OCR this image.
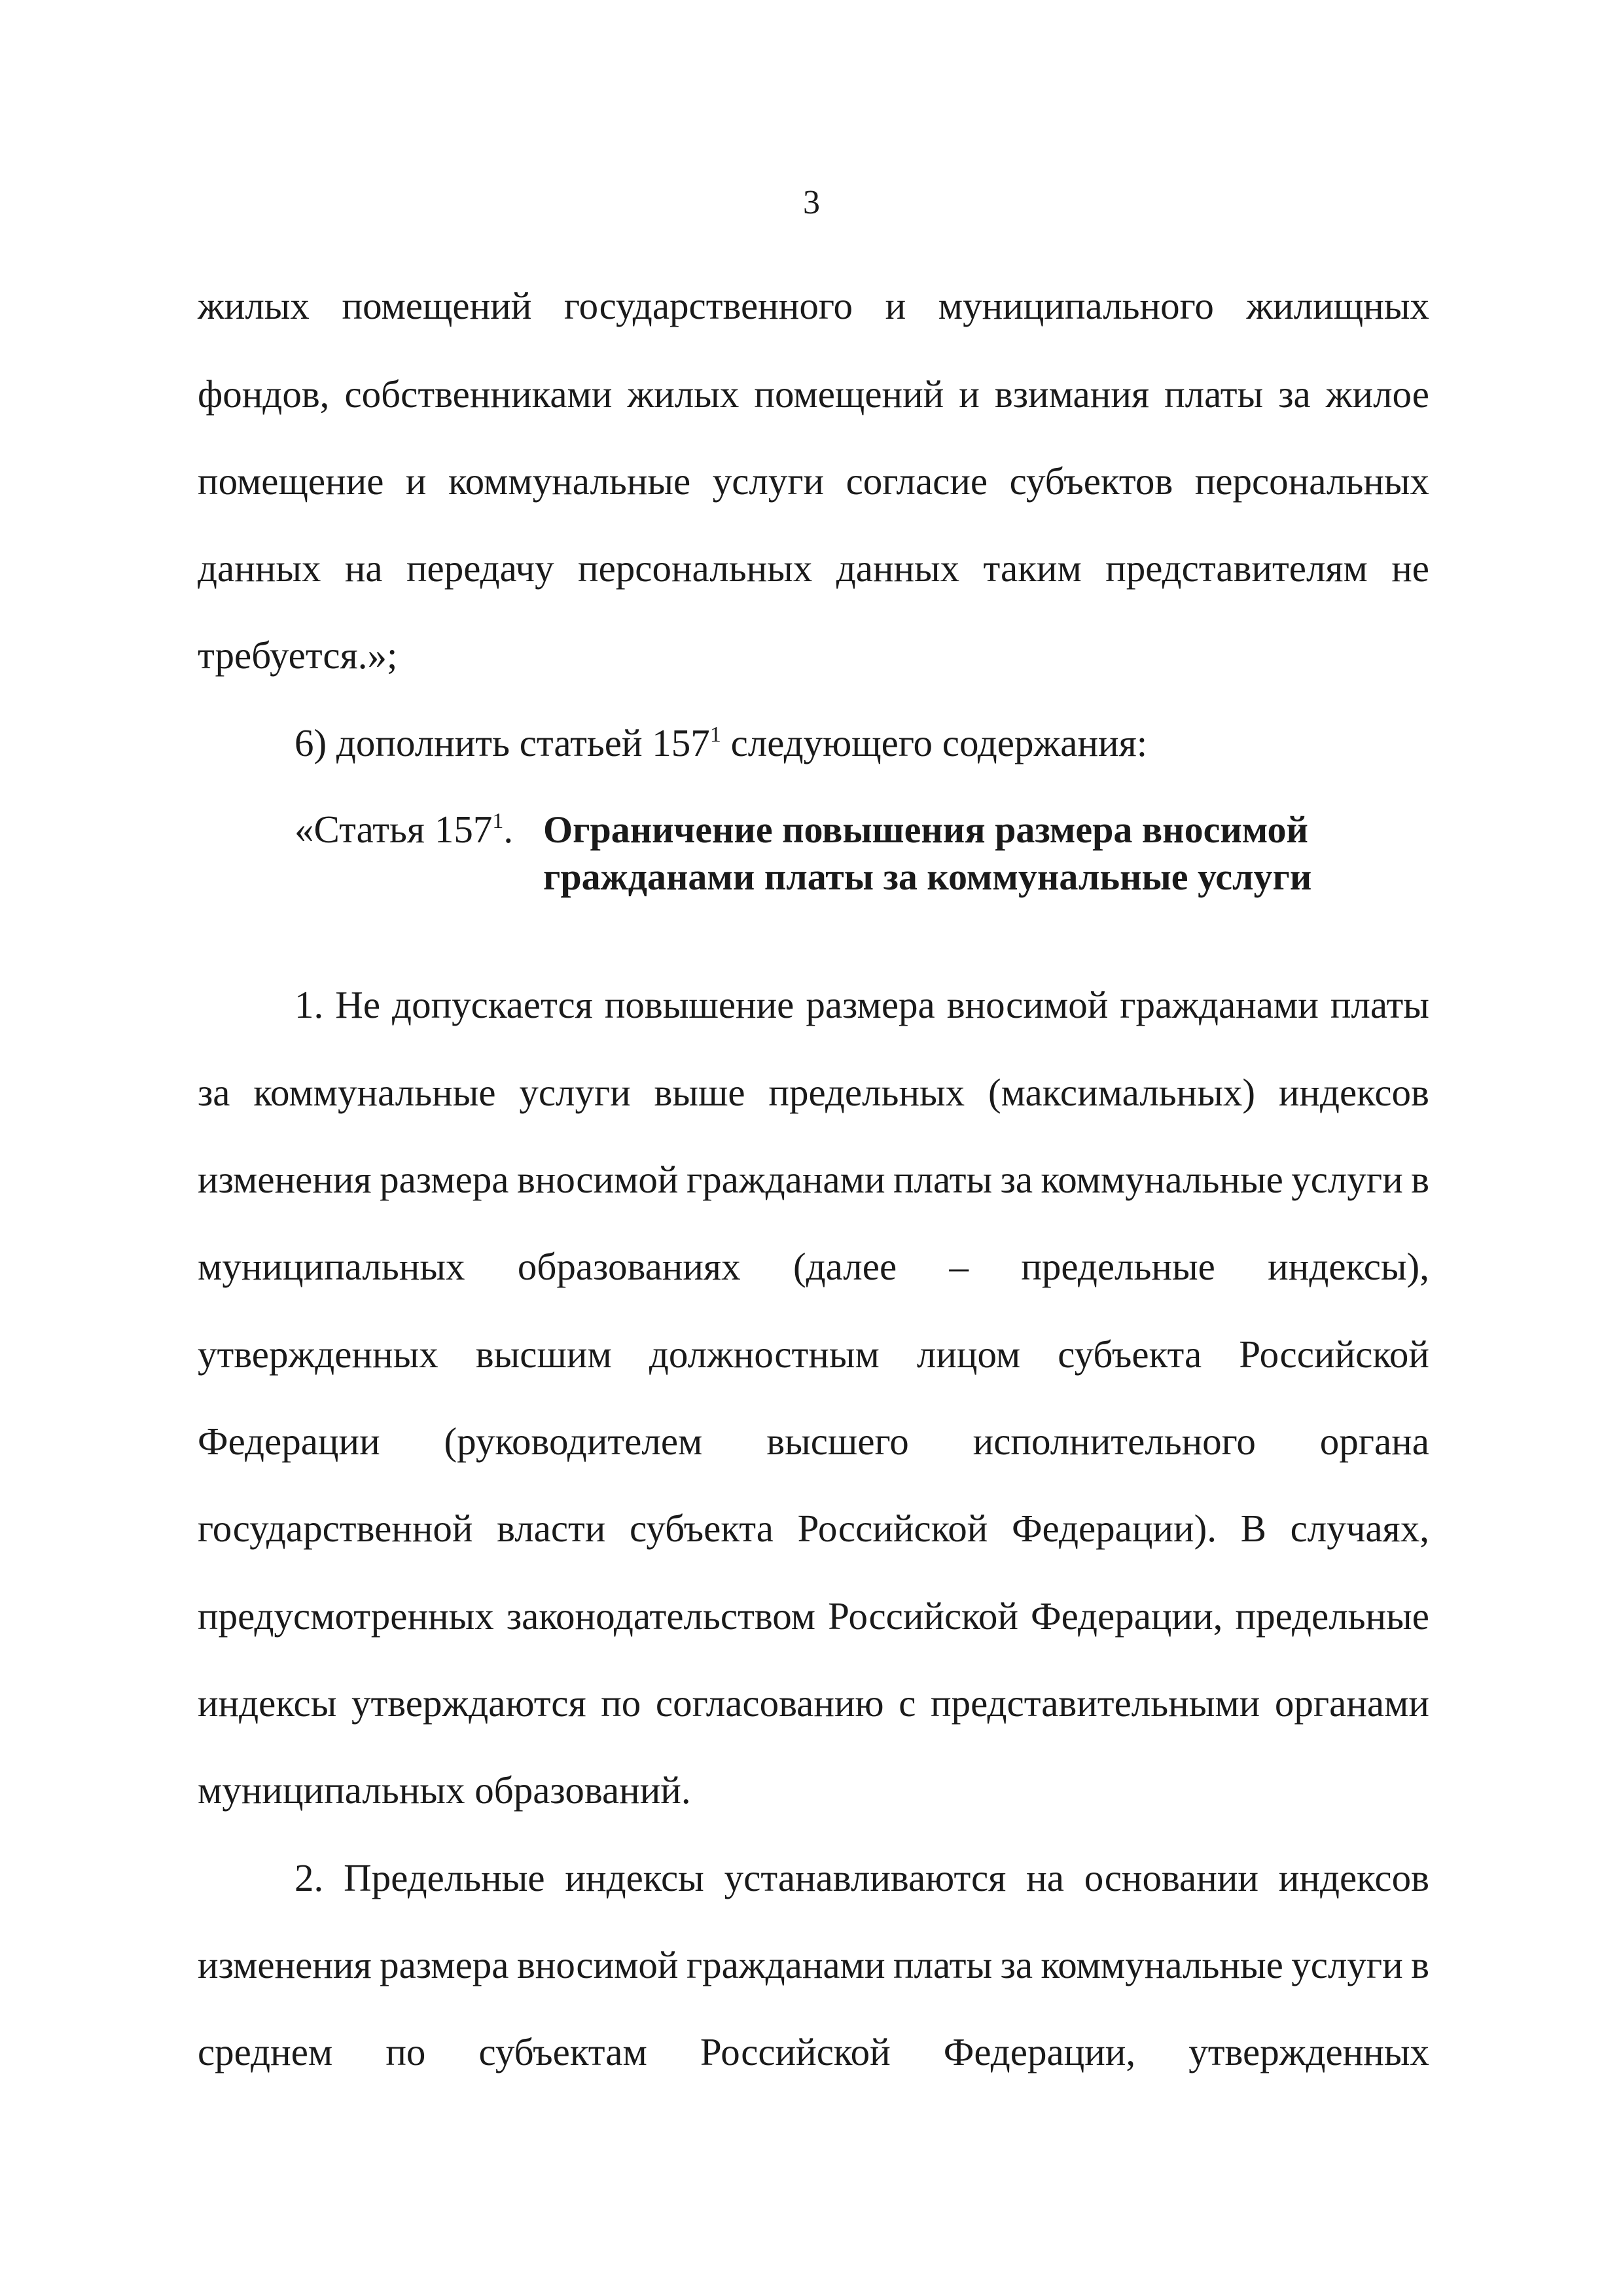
3
жилых помещений государственного и муниципального жилищных
фондов, собственниками жилых помещений и взимания платы за жилое
помещение и коммунальные услуги согласие субъектов персональных
данных на передачу персональных данных таким представителям не
требуется.»;
6) дополнить статьей $157^1$ следующего содержания:
«Статья $157^1$. Ограничение повышения размера вносимой
гражданами платы за коммунальные услуги
1. Не допускается повышение размера вносимой гражданами платы
за коммунальные услуги выше предельных (максимальных) индексов
изменения размера вносимой гражданами платы за коммунальные услуги в
муниципальных образованиях (далее – предельные индексы),
утвержденных высшим должностным лицом субъекта Российской
Федерации (руководителем высшего исполнительного органа
государственной власти субъекта Российской Федерации). В случаях,
предусмотренных законодательством Российской Федерации, предельные
индексы утверждаются по согласованию с представительными органами
муниципальных образований.
2. Предельные индексы устанавливаются на основании индексов
изменения размера вносимой гражданами платы за коммунальные услуги в
среднем по субъектам Российской Федерации, утвержденных
